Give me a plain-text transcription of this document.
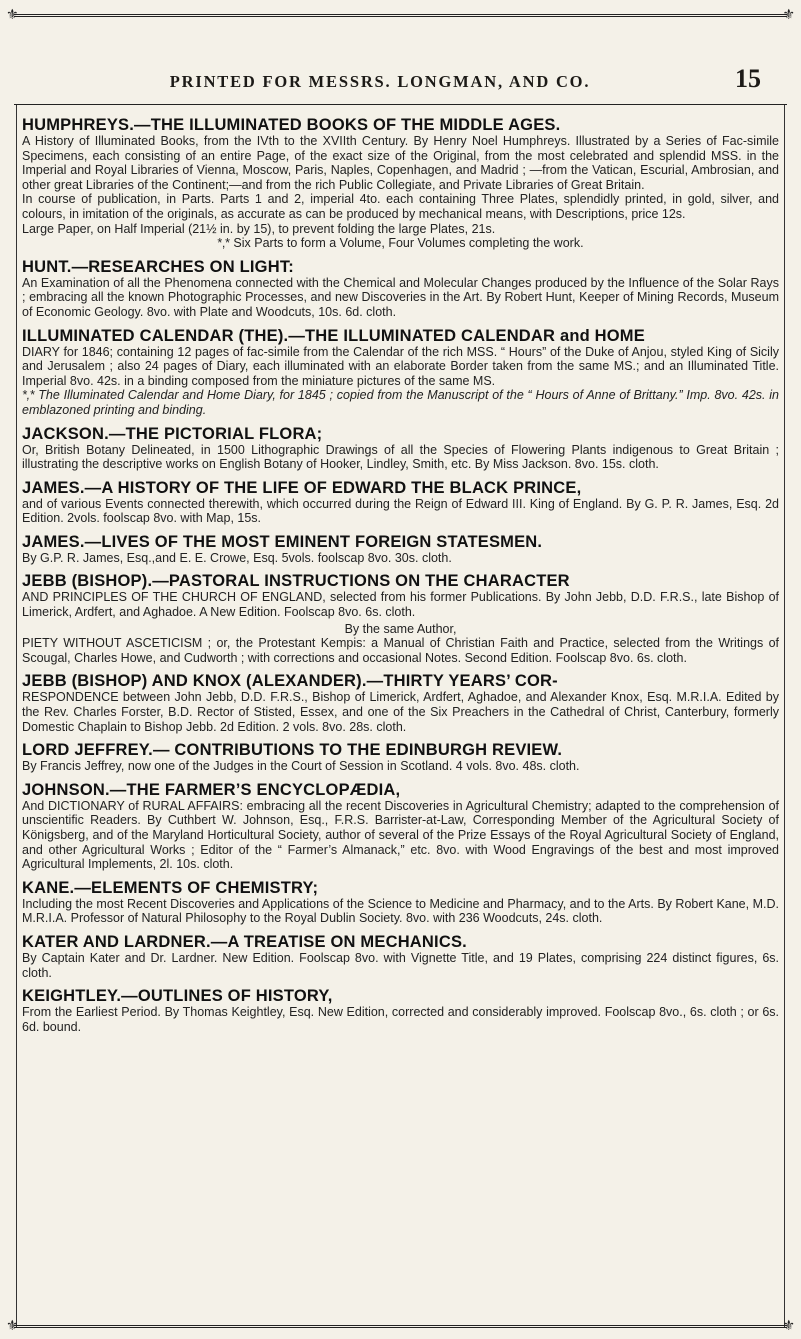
⚜	⚜
PRINTED FOR MESSRS. LONGMAN, AND CO.	15

HUMPHREYS.—THE ILLUMINATED BOOKS OF THE MIDDLE AGES.

A History of Illuminated Books, from the IVth to the XVIIth Century. By Henry Noel Humphreys. Illustrated by a Series of Fac-simile Specimens, each consisting of an entire Page, of the exact size of the Original, from the most celebrated and splendid MSS. in the Imperial and Royal Libraries of Vienna, Moscow, Paris, Naples, Copenhagen, and Madrid ; —from the Vatican, Escurial, Ambrosian, and other great Libraries of the Continent;—and from the rich Public Collegiate, and Private Libraries of Great Britain.

In course of publication, in Parts. Parts 1 and 2, imperial 4to. each containing Three Plates, splendidly printed, in gold, silver, and colours, in imitation of the originals, as accurate as can be produced by mechanical means, with Descriptions, price 12s.

Large Paper, on Half Imperial (21½ in. by 15), to prevent folding the large Plates, 21s.

*‚* Six Parts to form a Volume, Four Volumes completing the work.

HUNT.—RESEARCHES ON LIGHT:

An Examination of all the Phenomena connected with the Chemical and Molecular Changes produced by the Influence of the Solar Rays ; embracing all the known Photographic Processes, and new Discoveries in the Art. By Robert Hunt, Keeper of Mining Records, Museum of Economic Geology. 8vo. with Plate and Woodcuts, 10s. 6d. cloth.

ILLUMINATED CALENDAR (THE).—THE ILLUMINATED CALENDAR and HOME

DIARY for 1846; containing 12 pages of fac-simile from the Calendar of the rich MSS. “ Hours” of the Duke of Anjou, styled King of Sicily and Jerusalem ; also 24 pages of Diary, each illuminated with an elaborate Border taken from the same MS.; and an Illuminated Title. Imperial 8vo. 42s. in a binding composed from the miniature pictures of the same MS.

*‚* The Illuminated Calendar and Home Diary, for 1845 ; copied from the Manuscript of the “ Hours of Anne of Brittany.” Imp. 8vo. 42s. in emblazoned printing and binding.

JACKSON.—THE PICTORIAL FLORA;

Or, British Botany Delineated, in 1500 Lithographic Drawings of all the Species of Flowering Plants indigenous to Great Britain ; illustrating the descriptive works on English Botany of Hooker, Lindley, Smith, etc. By Miss Jackson. 8vo. 15s. cloth.

JAMES.—A HISTORY OF THE LIFE OF EDWARD THE BLACK PRINCE,

and of various Events connected therewith, which occurred during the Reign of Edward III. King of England. By G. P. R. James, Esq. 2d Edition. 2vols. foolscap 8vo. with Map, 15s.

JAMES.—LIVES OF THE MOST EMINENT FOREIGN STATESMEN.

By G.P. R. James, Esq.,and E. E. Crowe, Esq. 5vols. foolscap 8vo. 30s. cloth.

JEBB (BISHOP).—PASTORAL INSTRUCTIONS ON THE CHARACTER

AND PRINCIPLES OF THE CHURCH OF ENGLAND, selected from his former Publications. By John Jebb, D.D. F.R.S., late Bishop of Limerick, Ardfert, and Aghadoe. A New Edition. Foolscap 8vo. 6s. cloth.

By the same Author,

PIETY WITHOUT ASCETICISM ; or, the Protestant Kempis: a Manual of Christian Faith and Practice, selected from the Writings of Scougal, Charles Howe, and Cudworth ; with corrections and occasional Notes. Second Edition. Foolscap 8vo. 6s. cloth.

JEBB (BISHOP) AND KNOX (ALEXANDER).—THIRTY YEARS’ COR-

RESPONDENCE between John Jebb, D.D. F.R.S., Bishop of Limerick, Ardfert, Aghadoe, and Alexander Knox, Esq. M.R.I.A. Edited by the Rev. Charles Forster, B.D. Rector of Stisted, Essex, and one of the Six Preachers in the Cathedral of Christ, Canterbury, formerly Domestic Chaplain to Bishop Jebb. 2d Edition. 2 vols. 8vo. 28s. cloth.

LORD JEFFREY.— CONTRIBUTIONS TO THE EDINBURGH REVIEW.

By Francis Jeffrey, now one of the Judges in the Court of Session in Scotland. 4 vols. 8vo. 48s. cloth.

JOHNSON.—THE FARMER’S ENCYCLOPÆDIA,

And DICTIONARY of RURAL AFFAIRS: embracing all the recent Discoveries in Agricultural Chemistry; adapted to the comprehension of unscientific Readers. By Cuthbert W. Johnson, Esq., F.R.S. Barrister-at-Law, Corresponding Member of the Agricultural Society of Königsberg, and of the Maryland Horticultural Society, author of several of the Prize Essays of the Royal Agricultural Society of England, and other Agricultural Works ; Editor of the “ Farmer’s Almanack,” etc. 8vo. with Wood Engravings of the best and most improved Agricultural Implements, 2l. 10s. cloth.

KANE.—ELEMENTS OF CHEMISTRY;

Including the most Recent Discoveries and Applications of the Science to Medicine and Pharmacy, and to the Arts. By Robert Kane, M.D. M.R.I.A. Professor of Natural Philosophy to the Royal Dublin Society. 8vo. with 236 Woodcuts, 24s. cloth.

KATER AND LARDNER.—A TREATISE ON MECHANICS.

By Captain Kater and Dr. Lardner. New Edition. Foolscap 8vo. with Vignette Title, and 19 Plates, comprising 224 distinct figures, 6s. cloth.

KEIGHTLEY.—OUTLINES OF HISTORY,

From the Earliest Period. By Thomas Keightley, Esq. New Edition, corrected and considerably improved. Foolscap 8vo., 6s. cloth ; or 6s. 6d. bound.

⚜	⚜
